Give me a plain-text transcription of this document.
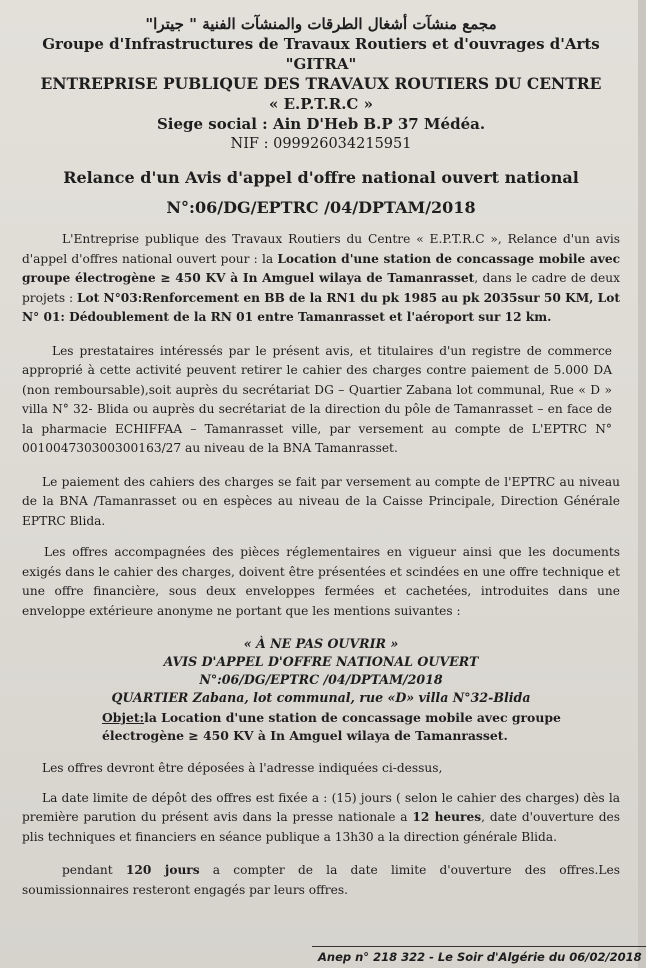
مجمع منشآت أشغال الطرقات والمنشآت الفنية " جيترا"
Groupe d'Infrastructures de Travaux Routiers et d'ouvrages d'Arts
"GITRA"
ENTREPRISE PUBLIQUE DES TRAVAUX ROUTIERS DU CENTRE
« E.P.T.R.C »
Siege social : Ain D'Heb B.P 37 Médéa.
NIF : 099926034215951
Relance d'un Avis d'appel d'offre national ouvert national
N°:06/DG/EPTRC /04/DPTAM/2018

L'Entreprise publique des Travaux Routiers du Centre « E.P.T.R.C », Relance d'un avis d'appel d'offres national ouvert pour : la Location d'une station de concassage mobile avec groupe électrogène ≥ 450 KV à In Amguel wilaya de Tamanrasset, dans le cadre de deux projets : Lot N°03:Renforcement en BB de la RN1 du pk 1985 au pk 2035sur 50 KM, Lot N° 01: Dédoublement de la RN 01 entre Tamanrasset et l'aéroport sur 12 km.

Les prestataires intéressés par le présent avis, et titulaires d'un registre de commerce approprié à cette activité peuvent retirer le cahier des charges contre paiement de 5.000 DA (non remboursable),soit auprès du secrétariat DG – Quartier Zabana lot communal, Rue « D » villa N° 32- Blida ou auprès du secrétariat de la direction du pôle de Tamanrasset – en face de la pharmacie ECHIFFAA – Tamanrasset ville, par versement au compte de L'EPTRC N° 001004730300300163/27 au niveau de la BNA Tamanrasset.

Le paiement des cahiers des charges se fait par versement au compte de l'EPTRC au niveau de la BNA /Tamanrasset ou en espèces au niveau de la Caisse Principale, Direction Générale EPTRC Blida.

Les offres accompagnées des pièces réglementaires en vigueur ainsi que les documents exigés dans le cahier des charges, doivent être présentées et scindées en une offre technique et une offre financière, sous deux enveloppes fermées et cachetées, introduites dans une enveloppe extérieure anonyme ne portant que les mentions suivantes :

« À NE PAS OUVRIR »
AVIS D'APPEL D'OFFRE NATIONAL OUVERT
N°:06/DG/EPTRC /04/DPTAM/2018
QUARTIER Zabana, lot communal, rue «D» villa N°32-Blida
Objet:la Location d'une station de concassage mobile avec groupe électrogène ≥ 450 KV à In Amguel wilaya de Tamanrasset.

Les offres devront être déposées à l'adresse indiquées ci-dessus,

La date limite de dépôt des offres est fixée a : (15) jours ( selon le cahier des charges) dès la première parution du présent avis dans la presse nationale a 12 heures, date d'ouverture des plis techniques et financiers en séance publique a 13h30 a la direction générale Blida.

pendant 120 jours a compter de la date limite d'ouverture des offres.Les soumissionnaires resteront engagés par leurs offres.

Anep n° 218 322 - Le Soir d'Algérie du 06/02/2018
